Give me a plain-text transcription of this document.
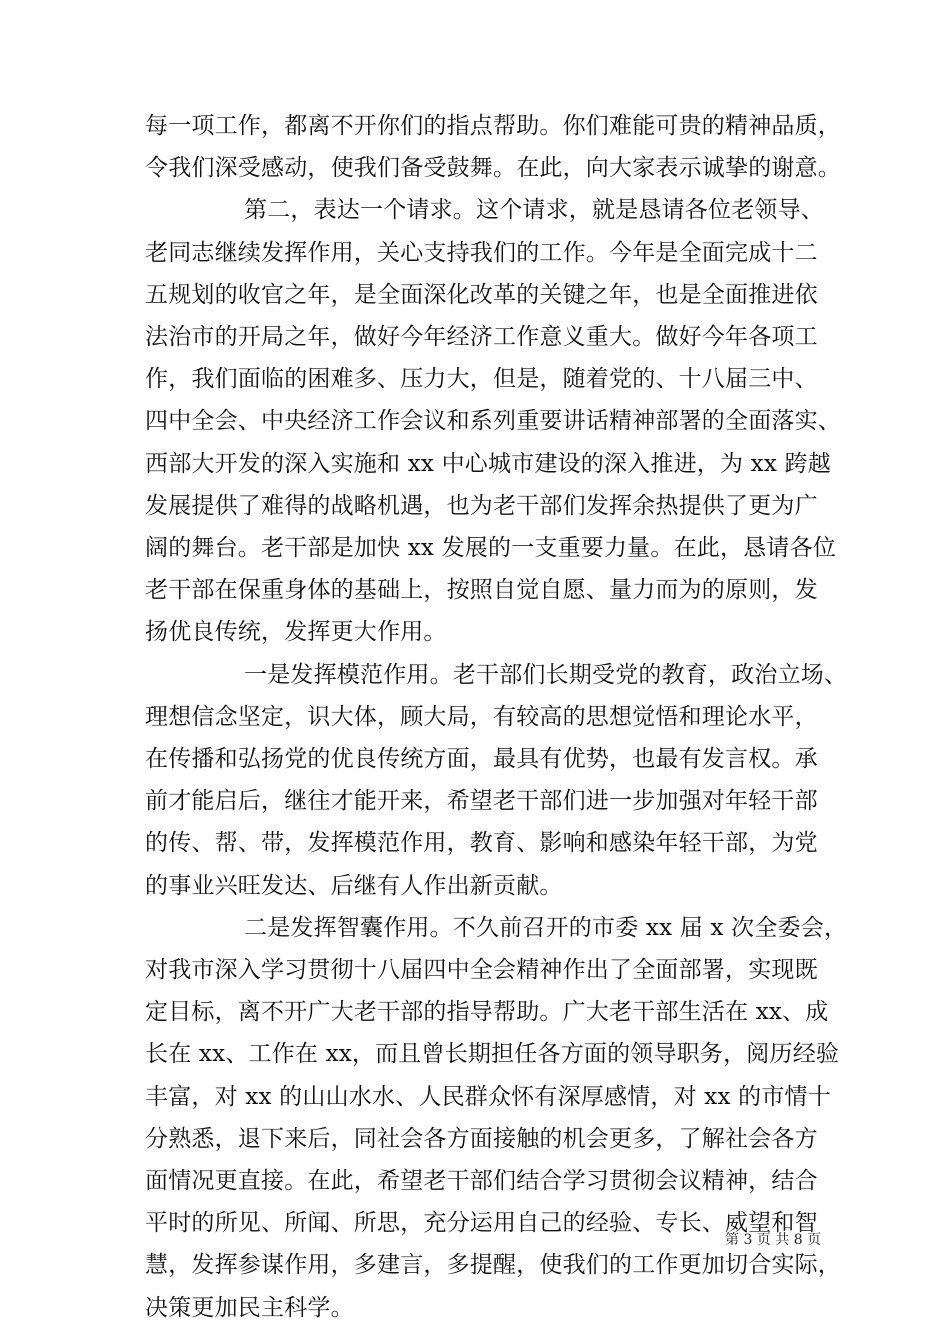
每一项工作，都离不开你们的指点帮助。你们难能可贵的精神品质，
令我们深受感动，使我们备受鼓舞。在此，向大家表示诚挚的谢意。
第二，表达一个请求。这个请求，就是恳请各位老领导、
老同志继续发挥作用，关心支持我们的工作。今年是全面完成十二
五规划的收官之年，是全面深化改革的关键之年，也是全面推进依
法治市的开局之年，做好今年经济工作意义重大。做好今年各项工
作，我们面临的困难多、压力大，但是，随着党的、十八届三中、
四中全会、中央经济工作会议和系列重要讲话精神部署的全面落实、
西部大开发的深入实施和 xx 中心城市建设的深入推进，为 xx 跨越
发展提供了难得的战略机遇，也为老干部们发挥余热提供了更为广
阔的舞台。老干部是加快 xx 发展的一支重要力量。在此，恳请各位
老干部在保重身体的基础上，按照自觉自愿、量力而为的原则，发
扬优良传统，发挥更大作用。
一是发挥模范作用。老干部们长期受党的教育，政治立场、
理想信念坚定，识大体，顾大局，有较高的思想觉悟和理论水平，
在传播和弘扬党的优良传统方面，最具有优势，也最有发言权。承
前才能启后，继往才能开来，希望老干部们进一步加强对年轻干部
的传、帮、带，发挥模范作用，教育、影响和感染年轻干部，为党
的事业兴旺发达、后继有人作出新贡献。
二是发挥智囊作用。不久前召开的市委 xx 届 x 次全委会，
对我市深入学习贯彻十八届四中全会精神作出了全面部署，实现既
定目标，离不开广大老干部的指导帮助。广大老干部生活在 xx、成
长在 xx、工作在 xx，而且曾长期担任各方面的领导职务，阅历经验
丰富，对 xx 的山山水水、人民群众怀有深厚感情，对 xx 的市情十
分熟悉，退下来后，同社会各方面接触的机会更多，了解社会各方
面情况更直接。在此，希望老干部们结合学习贯彻会议精神，结合
平时的所见、所闻、所思，充分运用自己的经验、专长、威望和智
慧，发挥参谋作用，多建言，多提醒，使我们的工作更加切合实际，
决策更加民主科学。
第 3 页 共 8 页
